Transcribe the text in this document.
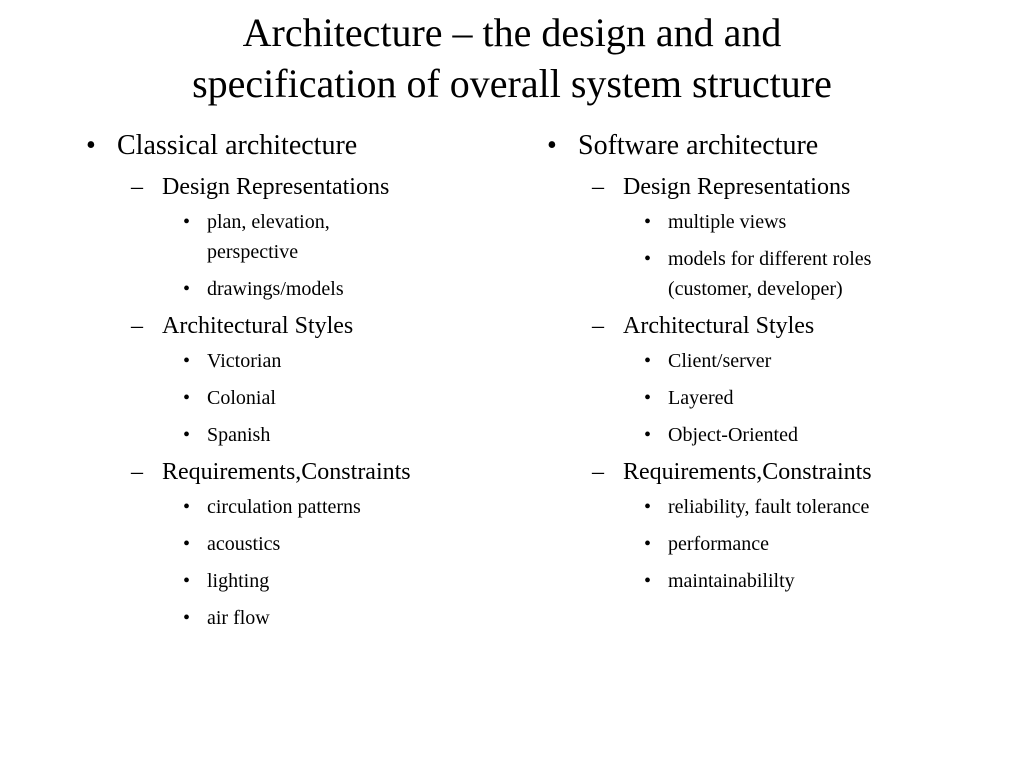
Architecture – the design and and
specification of overall system structure
• Classical architecture
– Design Representations
• plan, elevation, perspective
• drawings/models
– Architectural Styles
• Victorian
• Colonial
• Spanish
– Requirements,Constraints
• circulation patterns
• acoustics
• lighting
• air flow
• Software architecture
– Design Representations
• multiple views
• models for different roles (customer, developer)
– Architectural Styles
• Client/server
• Layered
• Object-Oriented
– Requirements,Constraints
• reliability, fault tolerance
• performance
• maintainabililty
